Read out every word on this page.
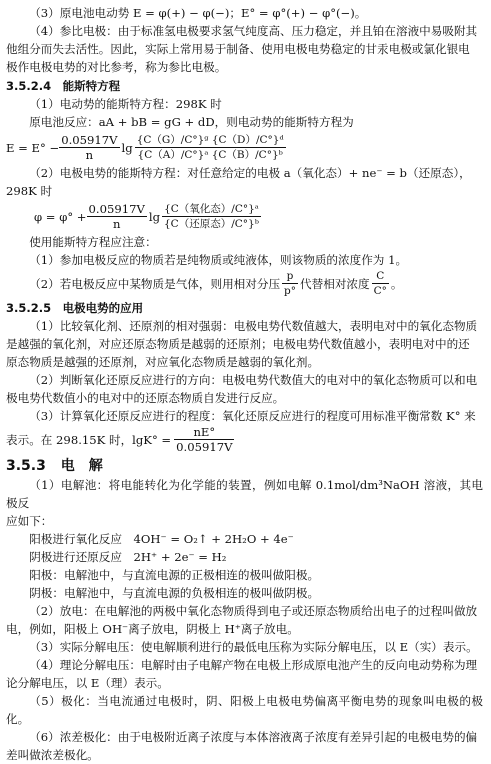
（3）原电池电动势 E = φ(+) − φ(−)；E° = φ°(+) − φ°(−)。

（4）参比电极：由于标准氢电极要求氢气纯度高、压力稳定，并且铂在溶液中易吸附其

他组分而失去活性。因此，实际上常用易于制备、使用电极电势稳定的甘汞电极或氯化银电

极作电极电势的对比参考，称为参比电极。

3.5.2.4　能斯特方程

（1）电动势的能斯特方程：298K 时

原电池反应：aA + bB = gG + dD，则电动势的能斯特方程为

$E = E^\circ - \frac{0.05917V}{n}$ $\lg \frac{\text{\{C（G）/C°\}ᵍ \{C（D）/C°\}ᵈ}}{\text{\{C（A）/C°\}ᵃ \{C（B）/C°\}ᵇ}}$

（2）电极电势的能斯特方程：对任意给定的电极 a（氧化态）+ ne⁻ = b（还原态），

298K 时

$\varphi = \varphi^\circ + \frac{0.05917V}{n}$ $\lg \frac{\text{\{C（氧化态）/C°\}ᵃ}}{\text{\{C（还原态）/C°\}ᵇ}}$

使用能斯特方程应注意：

（1）参加电极反应的物质若是纯物质或纯液体，则该物质的浓度作为 1。

（2）若电极反应中某物质是气体，则用相对分压 $\frac{p}{p^\circ}$ 代替相对浓度 $\frac{C}{C^\circ}$ 。
3.5.2.5　电极电势的应用

（1）比较氧化剂、还原剂的相对强弱：电极电势代数值越大，表明电对中的氧化态物质

是越强的氧化剂，对应还原态物质是越弱的还原剂；电极电势代数值越小，表明电对中的还

原态物质是越强的还原剂，对应氧化态物质是越弱的氧化剂。

（2）判断氧化还原反应进行的方向：电极电势代数值大的电对中的氧化态物质可以和电

极电势代数值小的电对中的还原态物质自发进行反应。

（3）计算氧化还原反应进行的程度：氧化还原反应进行的程度可用标准平衡常数 K° 来

表示。在 298.15K 时，$\lg K^\circ = \frac{nE^\circ}{0.05917V}$
3.5.3 电　解

（1）电解池：将电能转化为化学能的装置，例如电解 0.1mol/dm³NaOH 溶液，其电极反

应如下：

阳极进行氧化反应　4OH⁻ = O₂↑ + 2H₂O + 4e⁻

阴极进行还原反应　2H⁺ + 2e⁻ = H₂

阳极：电解池中，与直流电源的正极相连的极叫做阳极。

阴极：电解池中，与直流电源的负极相连的极叫做阴极。

（2）放电：在电解池的两极中氧化态物质得到电子或还原态物质给出电子的过程叫做放

电，例如，阳极上 OH⁻离子放电，阴极上 H⁺离子放电。

（3）实际分解电压：使电解顺利进行的最低电压称为实际分解电压，以 E（实）表示。

（4）理论分解电压：电解时由子电解产物在电极上形成原电池产生的反向电动势称为理

论分解电压，以 E（理）表示。

（5）极化：当电流通过电极时，阴、阳极上电极电势偏离平衡电势的现象叫电极的极化。

（6）浓差极化：由于电极附近离子浓度与本体溶液离子浓度有差异引起的电极电势的偏

差叫做浓差极化。
